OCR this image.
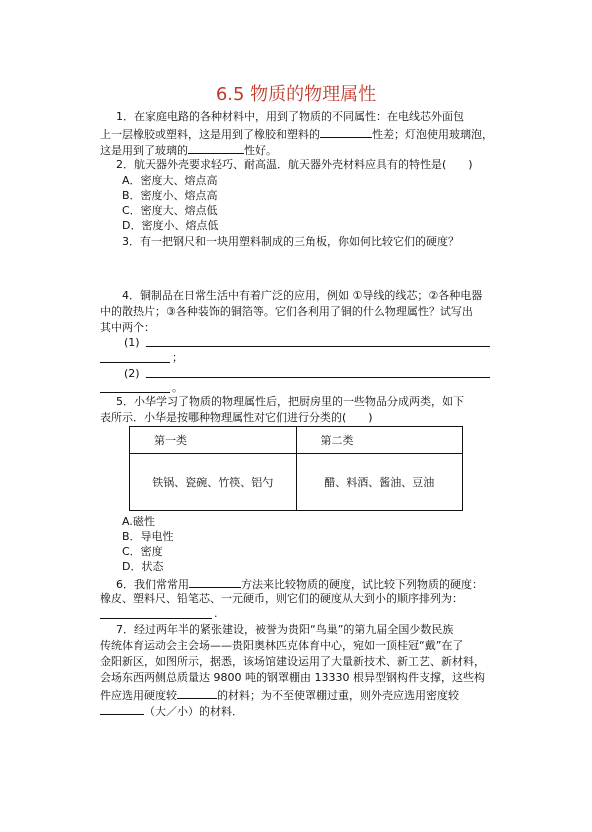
6.5 物质的物理属性
1．在家庭电路的各种材料中，用到了物质的不同属性：在电线芯外面包
上一层橡胶或塑料，这是用到了橡胶和塑料的	性差；灯泡使用玻璃泡，
这是用到了玻璃的	性好。
2．航天器外壳要求轻巧、耐高温．航天器外壳材料应具有的特性是(　　)
A．密度大、熔点高
B．密度小、熔点高
C．密度大、熔点低
D．密度小、熔点低
3．有一把钢尺和一块用塑料制成的三角板，你如何比较它们的硬度？
4．铜制品在日常生活中有着广泛的应用，例如 ①导线的线芯；②各种电器
中的散热片；③各种装饰的铜箔等。它们各利用了铜的什么物理属性？试写出
其中两个：
(1)
；
(2)
。
5．小华学习了物质的物理属性后，把厨房里的一些物品分成两类，如下
表所示．小华是按哪种物理属性对它们进行分类的(　　)
第一类	第二类
铁锅、瓷碗、竹筷、铝勺	醋、料酒、酱油、豆油
A.磁性
B．导电性
C．密度
D．状态
6．我们常常用	方法来比较物质的硬度，试比较下列物质的硬度：
橡皮、塑料尺、铅笔芯、一元硬币，则它们的硬度从大到小的顺序排列为：
.
7．经过两年半的紧张建设，被誉为贵阳“鸟巢”的第九届全国少数民族
传统体育运动会主会场——贵阳奥林匹克体育中心，宛如一顶桂冠“戴”在了
金阳新区，如图所示，据悉，该场馆建设运用了大量新技术、新工艺、新材料，
会场东西两侧总质量达 9800 吨的钢罩棚由 13330 根异型钢构件支撑，这些构
件应选用硬度较	的材料；为不至使罩棚过重，则外壳应选用密度较
（大／小）的材料．
